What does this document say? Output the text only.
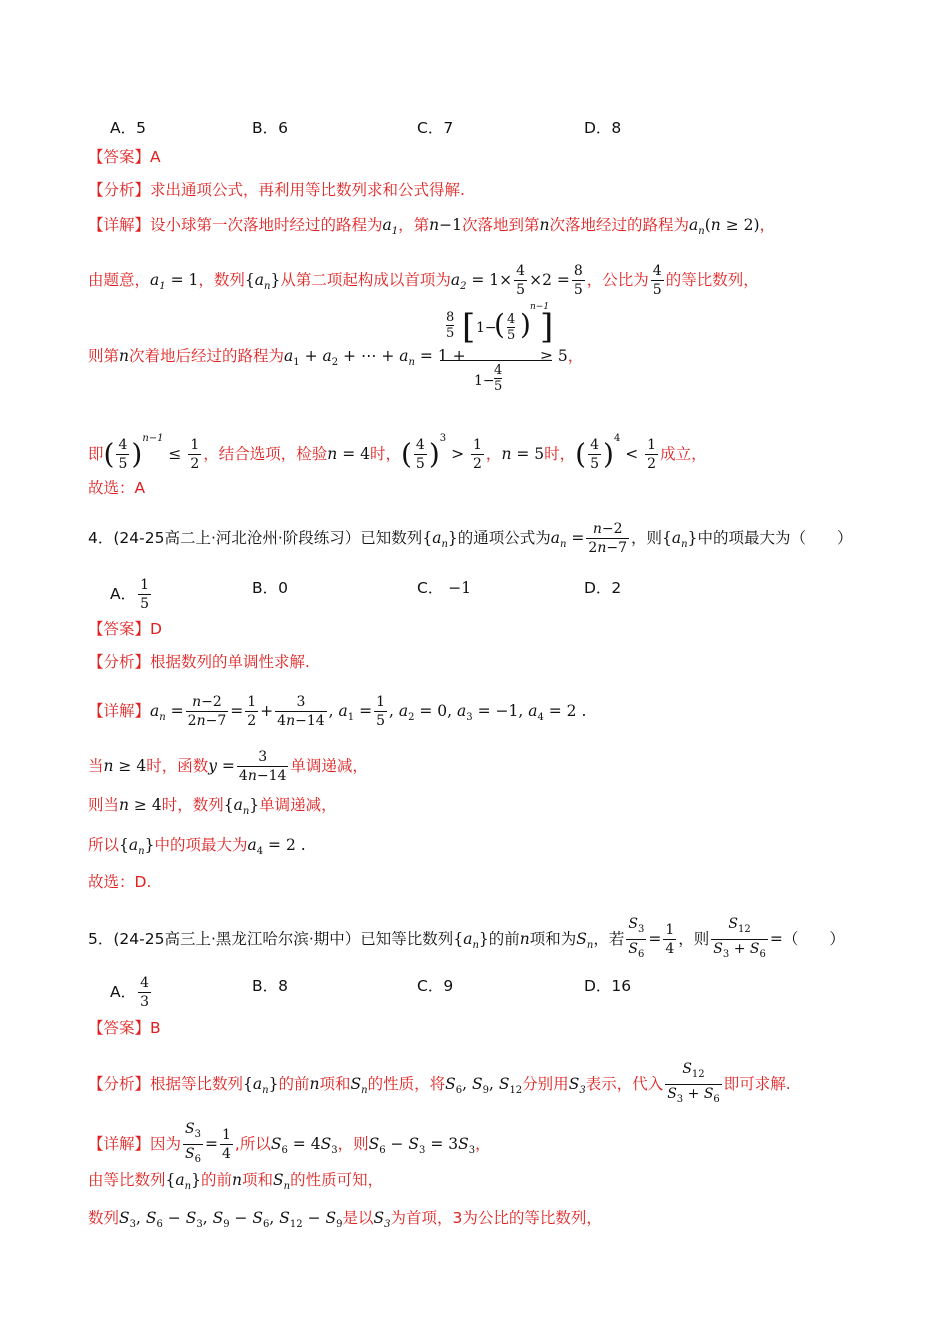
A．5	B．6	C．7	D．8
【答案】A
【分析】求出通项公式，再利用等比数列求和公式得解.
【详解】设小球第一次落地时经过的路程为$a_1$，第n−1次落地到第n次落地经过的路程为$a_n(n \ge 2)$，
由题意，$a_1 = 1$，数列$\{a_n\}$从第二项起构成以首项为$a_2 = 1\times \frac{4}{5} \times 2 = \frac{8}{5}$ ，公比为 $\frac{4}{5}$ 的等比数列，
则第n次着地后经过的路程为$a_1 + a_2$ + ⋯ + $a_n = 1$ +
8
5 [ 1−
( 4
5 )
n−1
]
1−
4
5
≥ 5，
即( $\frac{4}{5} )^{n-1} \le \frac{1}{2}$ ，结合选项，检验n = 4时，( $\frac{4}{5} )^3 > \frac{1}{2}$ ，n = 5时，( $\frac{4}{5} )^4 < \frac{1}{2}$ 成立，
故选：A
4．(24-25高二上·河北沧州·阶段练习）已知数列$\{a_n\}$的通项公式为$a_n = \frac{n-2}{2n-7}$ ，则$\{a_n\}$中的项最大为（　　）
A． $\frac{1}{5}$	B．0	C． −1	D．2
【答案】D
【分析】根据数列的单调性求解.
【详解】$a_n = \frac{n-2}{2n-7} = \frac{1}{2} + \frac{3}{4n-14}$ , $a_1 = \frac{1}{5}$ , $a_2 = 0$, $a_3 = -1$, $a_4 = 2$ .
当n ≥ 4时，函数$y = \frac{3}{4n-14}$ 单调递减，
则当n ≥ 4时，数列$\{a_n\}$单调递减，
所以$\{a_n\}$中的项最大为$a_4 = 2$ .
故选：D.
5．(24-25高三上·黑龙江哈尔滨·期中）已知等比数列$\{a_n\}$的前n项和为$S_n$，若 $\frac{S_3}{S_6} = \frac{1}{4}$ ，则 $\frac{S_{12}}{S_3 + S_6}$ =（　　）
A． $\frac{4}{3}$	B．8	C．9	D．16
【答案】B
【分析】根据等比数列$\{a_n\}$的前n项和$S_n$的性质，将$S_6$, $S_9$, $S_{12}$分别用$S_3$表示，代入 $\frac{S_{12}}{S_3 + S_6}$ 即可求解.
【详解】因为 $\frac{S_3}{S_6} = \frac{1}{4}$ ,所以$S_6 = 4S_3$，则$S_6 - S_3 = 3S_3$，
由等比数列$\{a_n\}$的前n项和$S_n$的性质可知，
数列$S_3$, $S_6 - S_3$, $S_9 - S_6$, $S_{12} - S_9$是以$S_3$为首项，3为公比的等比数列，
